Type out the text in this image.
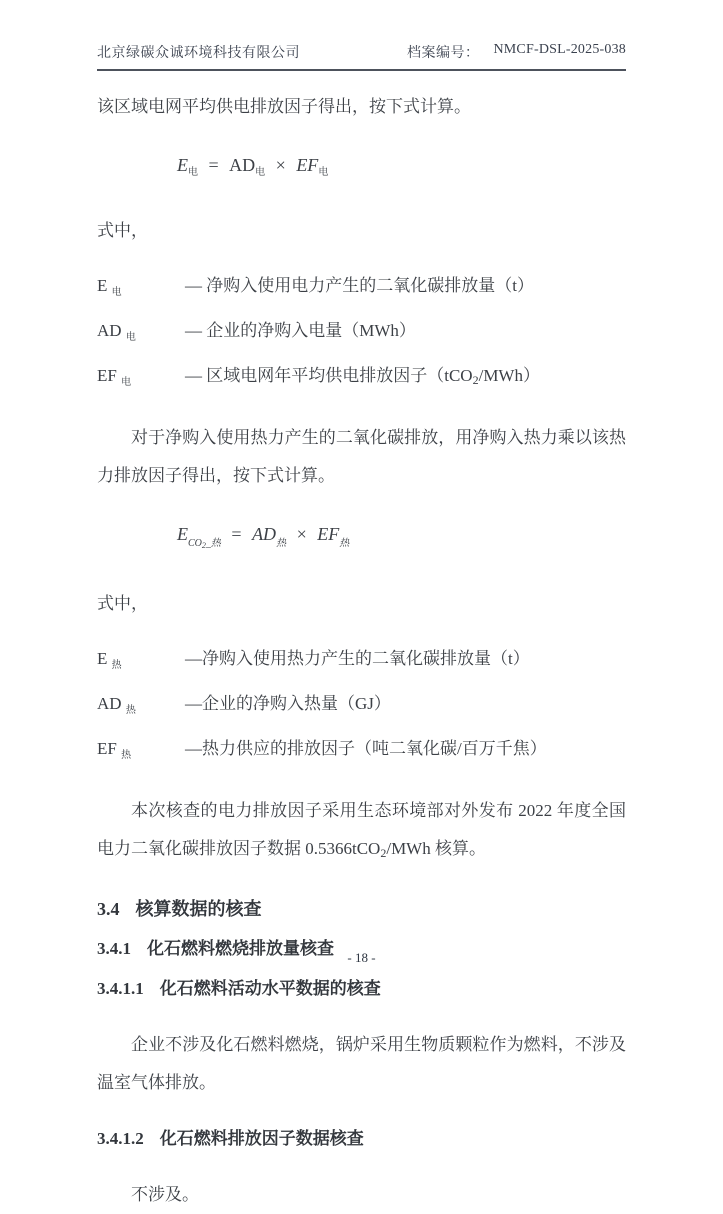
北京绿碳众诚环境科技有限公司	档案编号： NMCF-DSL-2025-038

该区域电网平均供电排放因子得出，按下式计算。

$E_电 = AD_电 \times EF_电$

式中，

E $_电$	— 净购入使用电力产生的二氧化碳排放量（t）
AD $_电$	— 企业的净购入电量（MWh）
EF $_电$	— 区域电网年平均供电排放因子（tCO$_2$/MWh）

对于净购入使用热力产生的二氧化碳排放，用净购入热力乘以该热力排放因子得出，按下式计算。

$E_{CO_2\_热} = AD_热 \times EF_热$

式中，

E $_热$	—净购入使用热力产生的二氧化碳排放量（t）
AD $_热$	—企业的净购入热量（GJ）
EF $_热$	—热力供应的排放因子（吨二氧化碳/百万千焦）

本次核查的电力排放因子采用生态环境部对外发布 2022 年度全国电力二氧化碳排放因子数据 0.5366tCO$_2$/MWh 核算。

3.4 核算数据的核查
3.4.1 化石燃料燃烧排放量核查
3.4.1.1 化石燃料活动水平数据的核查

企业不涉及化石燃料燃烧，锅炉采用生物质颗粒作为燃料，不涉及温室气体排放。

3.4.1.2 化石燃料排放因子数据核查

不涉及。

- 18 -
